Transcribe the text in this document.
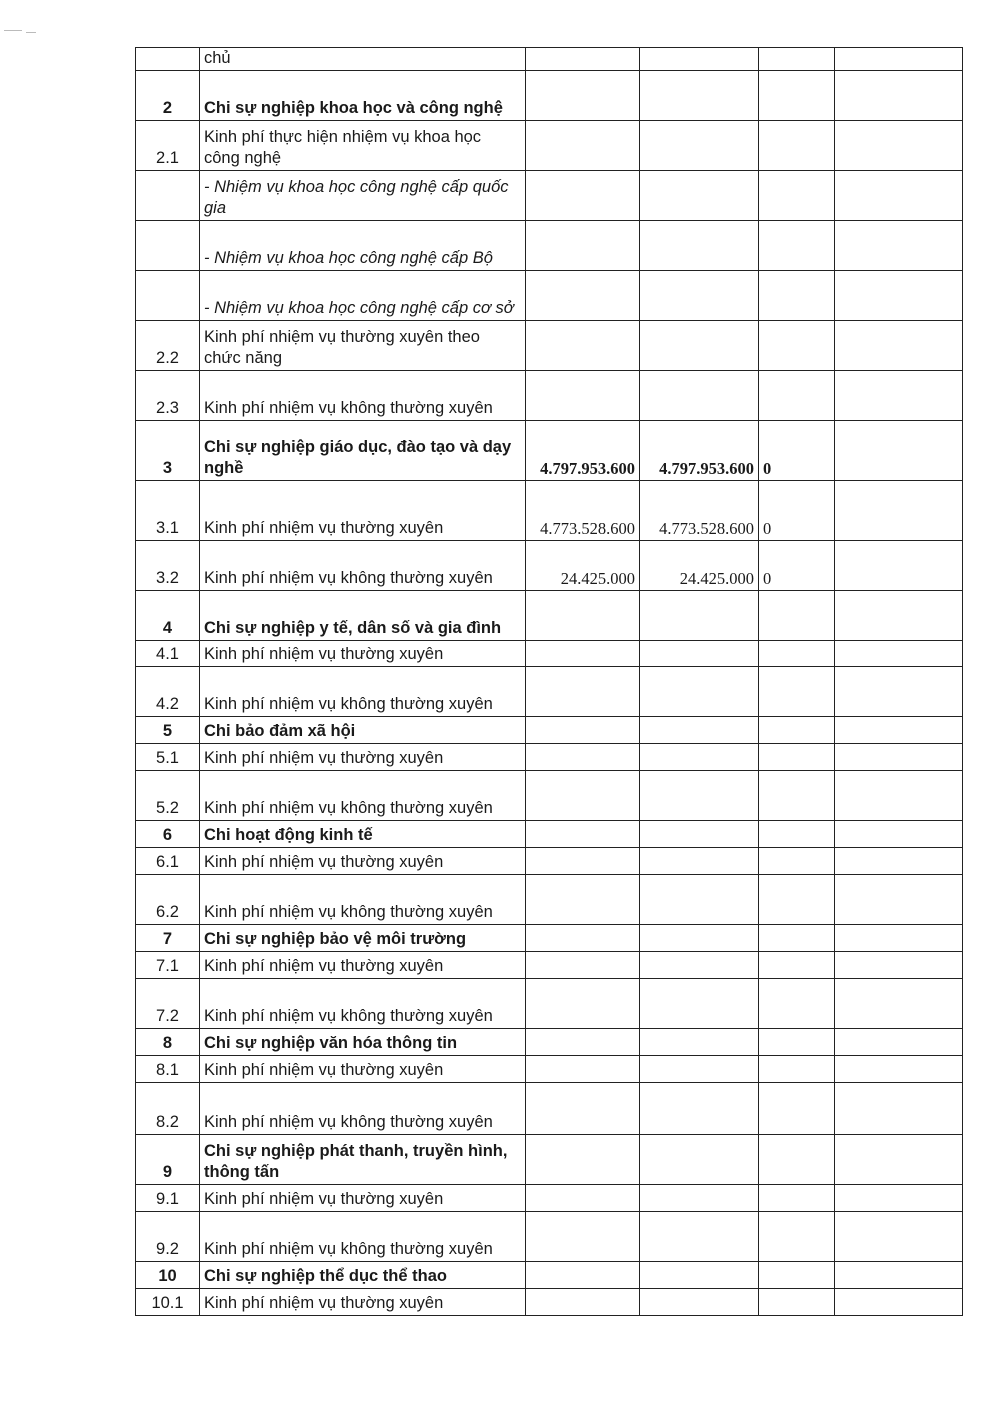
	chủ				
2	Chi sự nghiệp khoa học và công nghệ				
2.1	Kinh phí thực hiện nhiệm vụ khoa học công nghệ				
	- Nhiệm vụ khoa học công nghệ cấp quốc gia				
	- Nhiệm vụ khoa học công nghệ cấp Bộ				
	- Nhiệm vụ khoa học công nghệ cấp cơ sở				
2.2	Kinh phí nhiệm vụ thường xuyên theo chức năng				
2.3	Kinh phí nhiệm vụ không thường xuyên				
3	Chi sự nghiệp giáo dục, đào tạo và dạy nghề	4.797.953.600	4.797.953.600	0	
3.1	Kinh phí nhiệm vụ thường xuyên	4.773.528.600	4.773.528.600	0	
3.2	Kinh phí nhiệm vụ không thường xuyên	24.425.000	24.425.000	0	
4	Chi sự nghiệp y tế, dân số và gia đình				
4.1	Kinh phí nhiệm vụ thường xuyên				
4.2	Kinh phí nhiệm vụ không thường xuyên				
5	Chi bảo đảm xã hội				
5.1	Kinh phí nhiệm vụ thường xuyên				
5.2	Kinh phí nhiệm vụ không thường xuyên				
6	Chi hoạt động kinh tế				
6.1	Kinh phí nhiệm vụ thường xuyên				
6.2	Kinh phí nhiệm vụ không thường xuyên				
7	Chi sự nghiệp bảo vệ môi trường				
7.1	Kinh phí nhiệm vụ thường xuyên				
7.2	Kinh phí nhiệm vụ không thường xuyên				
8	Chi sự nghiệp văn hóa thông tin				
8.1	Kinh phí nhiệm vụ thường xuyên				
8.2	Kinh phí nhiệm vụ không thường xuyên				
9	Chi sự nghiệp phát thanh, truyền hình, thông tấn				
9.1	Kinh phí nhiệm vụ thường xuyên				
9.2	Kinh phí nhiệm vụ không thường xuyên				
10	Chi sự nghiệp thể dục thể thao				
10.1	Kinh phí nhiệm vụ thường xuyên				
